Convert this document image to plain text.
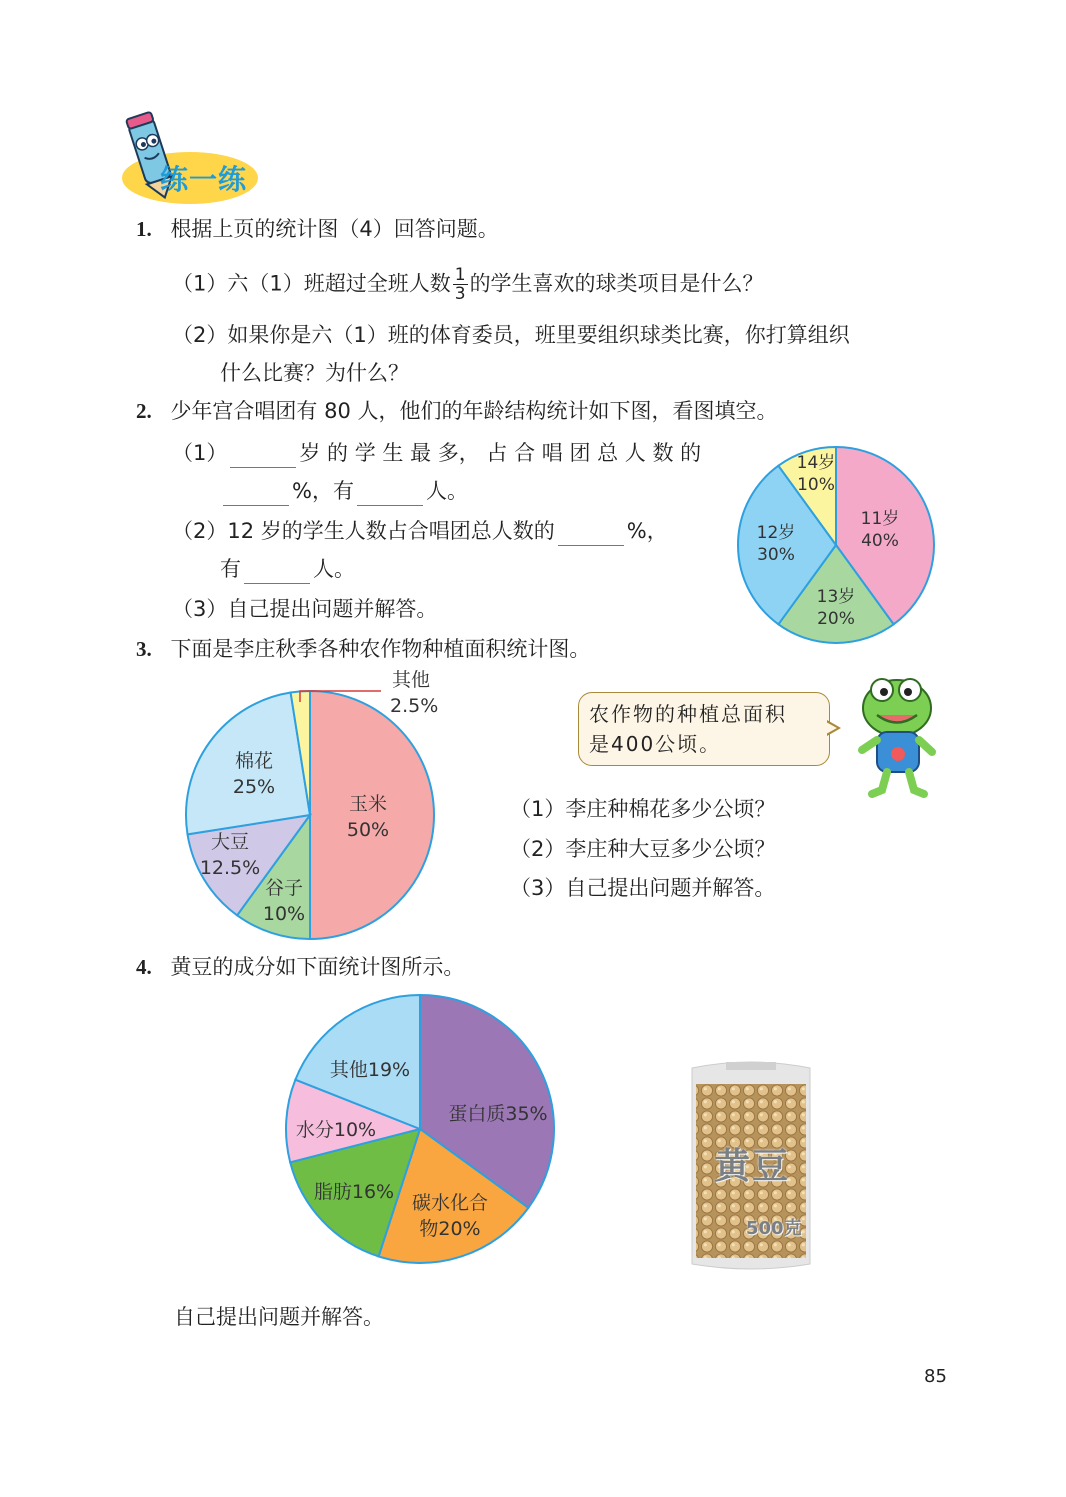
练一练
1. 根据上页的统计图（4）回答问题。
（1）六（1）班超过全班人数 $\frac{1}{3}$ 的学生喜欢的球类项目是什么？
（2）如果你是六（1）班的体育委员，班里要组织球类比赛，你打算组织
什么比赛？为什么？
2. 少年宫合唱团有 80 人，他们的年龄结构统计如下图，看图填空。
（1）	岁 的 学 生 最 多， 占 合 唱 团 总 人 数 的
%，有	人。
（2）12 岁的学生人数占合唱团总人数的	%，
有	人。
（3）自己提出问题并解答。
11岁
40%
13岁
20%
12岁
30%
14岁
10%
3. 下面是李庄秋季各种农作物种植面积统计图。
玉米
50%
谷子
10%
大豆
12.5%
棉花
25%
其他
2.5%	农作物的种植总面积
是400公顷。
（1）李庄种棉花多少公顷？
（2）李庄种大豆多少公顷？
（3）自己提出问题并解答。
4. 黄豆的成分如下面统计图所示。
蛋白质35%
碳水化合
物20%
脂肪16%
水分10%
其他19%
黄豆
500克
自己提出问题并解答。
85
